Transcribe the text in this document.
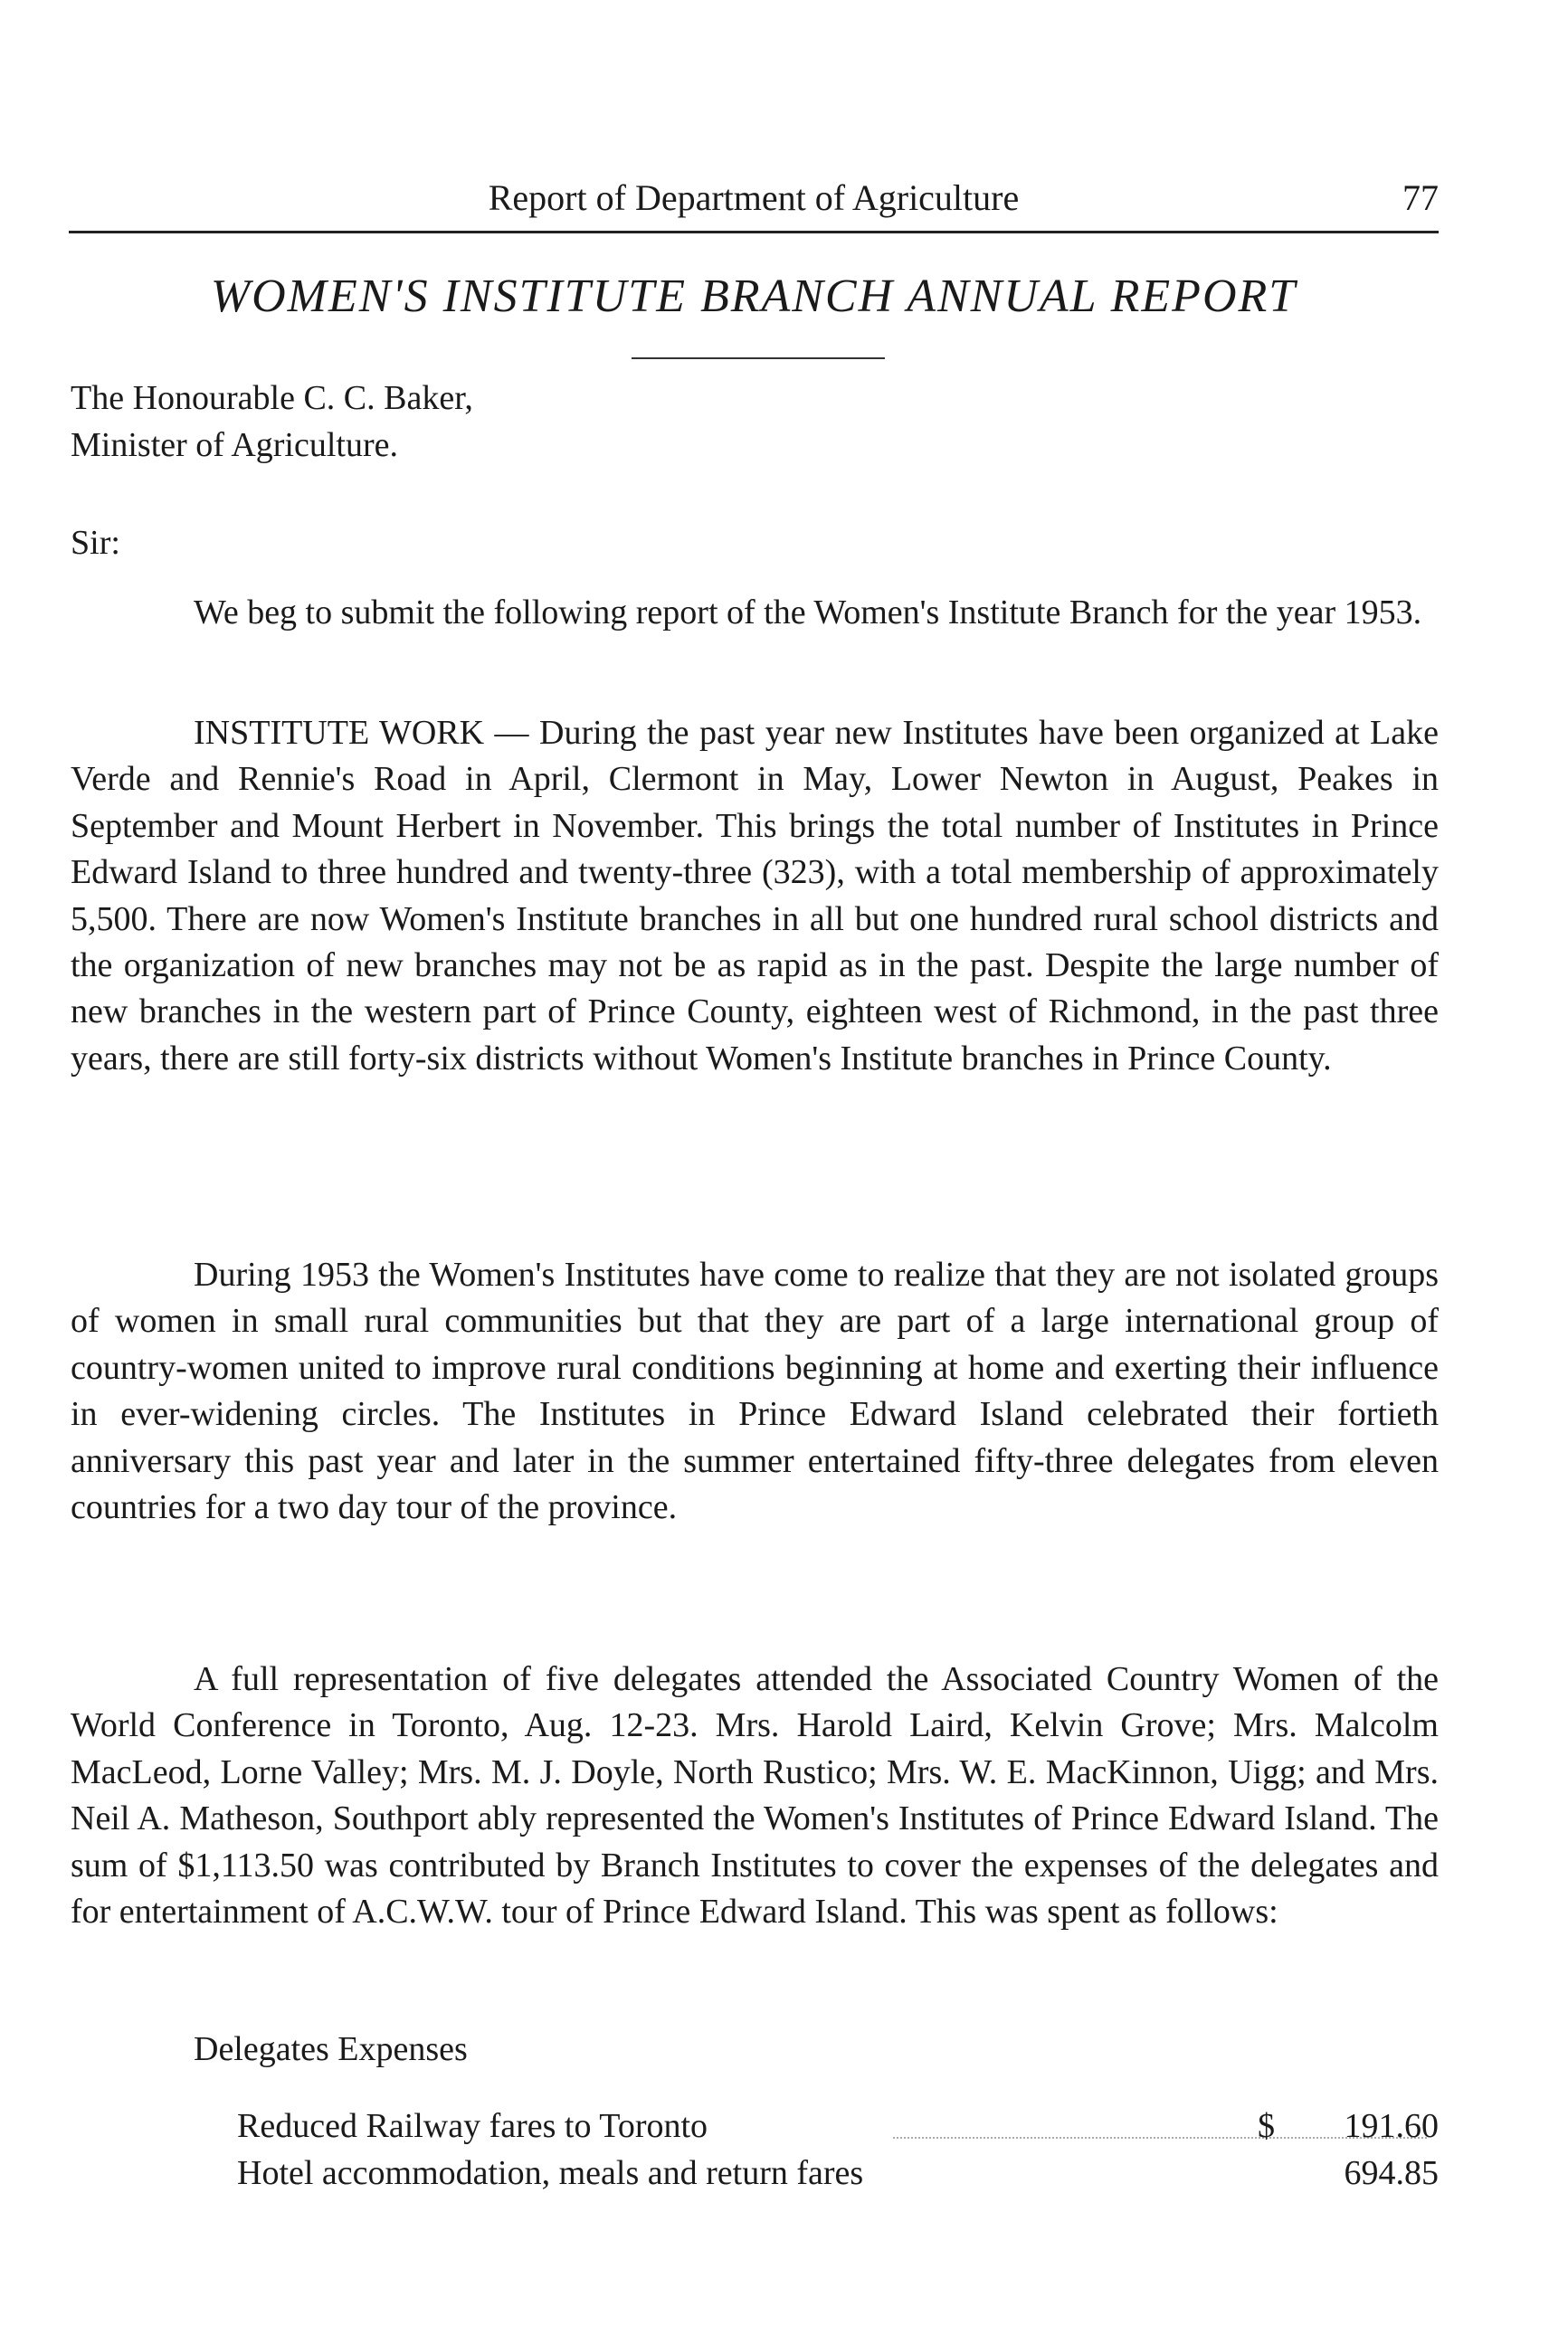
Report of Department of Agriculture	77
WOMEN'S INSTITUTE BRANCH ANNUAL REPORT
The Honourable C. C. Baker,
Minister of Agriculture.
Sir:

We beg to submit the following report of the Women's Institute Branch for the year 1953.

INSTITUTE WORK — During the past year new Institutes have been organized at Lake Verde and Rennie's Road in April, Clermont in May, Lower Newton in August, Peakes in September and Mount Herbert in November. This brings the total number of Institutes in Prince Edward Island to three hundred and twenty-three (323), with a total membership of approximately 5,500. There are now Women's Institute branches in all but one hundred rural school districts and the organization of new branches may not be as rapid as in the past. Despite the large number of new branches in the western part of Prince County, eighteen west of Richmond, in the past three years, there are still forty-six districts without Women's Institute branches in Prince County.

During 1953 the Women's Institutes have come to realize that they are not isolated groups of women in small rural communities but that they are part of a large international group of country-women united to improve rural conditions beginning at home and exerting their influence in ever-widening circles. The Institutes in Prince Edward Island celebrated their fortieth anniversary this past year and later in the summer entertained fifty-three delegates from eleven countries for a two day tour of the province.

A full representation of five delegates attended the Associated Country Women of the World Conference in Toronto, Aug. 12-23. Mrs. Harold Laird, Kelvin Grove; Mrs. Malcolm MacLeod, Lorne Valley; Mrs. M. J. Doyle, North Rustico; Mrs. W. E. MacKinnon, Uigg; and Mrs. Neil A. Matheson, Southport ably represented the Women's Institutes of Prince Edward Island. The sum of $1,113.50 was contributed by Branch Institutes to cover the expenses of the delegates and for entertainment of A.C.W.W. tour of Prince Edward Island. This was spent as follows:

Delegates Expenses
Reduced Railway fares to Toronto	$ 191.60
Hotel accommodation, meals and return fares	694.85
